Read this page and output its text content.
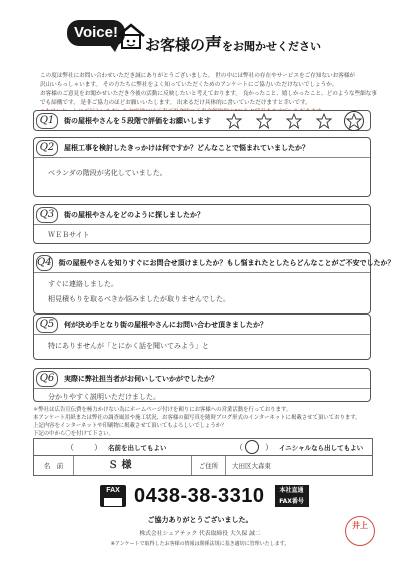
Voice!
お客様の声をお聞かせください

この度は弊社にお問い合わせいただき誠にありがとうございました。 世の中には弊社の存在やサービスをご存知ないお客様が

沢山いらっしゃいます。 その方たちに弊社をよく知っていただくためのアンケートにご協力いただけないでしょうか。

お客様のご意見をお聞かせいただき今後の活動に反映したいと考えております。 良かったこと、嬉しかったこと、どのような些細な事

でも結構です。 是非ご協力のほどお願いいたします。 出来るだけ具体的に書いていただけますと幸いです。

Q1	街の屋根やさんを５段階で評価をお願いします
Q2	屋根工事を検討したきっかけは何ですか？どんなことで悩まれていましたか？
ベランダの階段が劣化していました。
Q3	街の屋根やさんをどのように探しましたか？
ＷＥＢサイト
Q4 街の屋根やさんを知りすぐにお問合せ頂けましたか？もし悩まれたとしたらどんなことがご不安でしたか？
すぐに連絡しました。
相見積もりを取るべきか悩みましたが取りませんでした。
Q5	何が決め手となり街の屋根やさんにお問い合わせ頂きましたか？
特にありませんが「とにかく話を聞いてみよう」と
Q6	実際に弊社担当者がお伺いしていかがでしたか？
分かりやすく説明いただけました。

＊弊社は広告宣伝費を極力かけない為にホームページ付けを頼りにお客様への営業活動を行っております。

本アンケート用紙または弊社の調査風景や施工状況、お客様の顔写真を随時ブログ形式のインターネットに掲載させて頂いております。

上記内容をインターネットや印刷物に掲載させて頂いてもよろしいでしょうか？

下記の中から〇を付けて下さい。

（	） 名前を出してもよい	（ ○ ） イニシャルなら出してもよい
名　前	Ｓ 様	ご住所	大田区大森東
FAX 0438-38-3310	本社直通
FAX番号
ご協力ありがとうございました。
株式会社シェアテック 代表取締役 大久保 誠二
※アンケートで取得したお客様の情報は関係法規に基き適切に管理いたします。
井上
